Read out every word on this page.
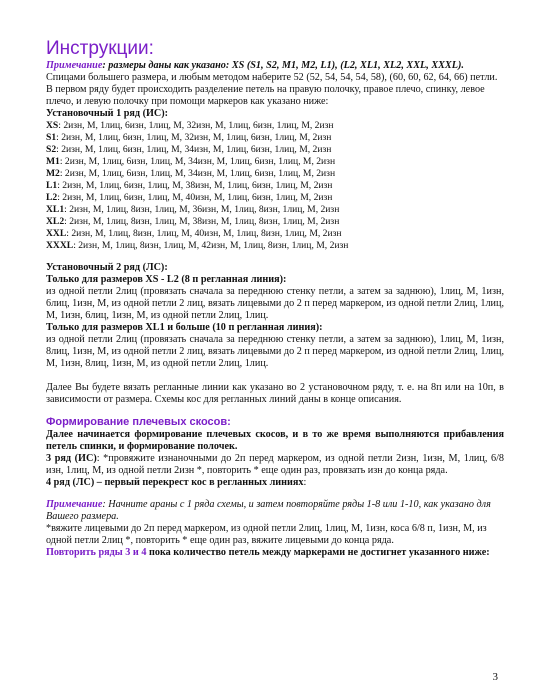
Инструкции:

Примечание: размеры даны как указано: XS (S1, S2, M1, M2, L1), (L2, XL1, XL2, XXL, XXXL).

Спицами большего размера, и любым методом наберите 52 (52, 54, 54, 54, 58), (60, 60, 62, 64, 66) петли.

В первом ряду будет происходить разделение петель на правую полочку, правое плечо, спинку, левое плечо, и левую полочку при помощи маркеров как указано ниже:

Установочный 1 ряд (ИС):

XS: 2изн, М, 1лиц, 6изн, 1лиц, М, 32изн, М, 1лиц, 6изн, 1лиц, М, 2изн
S1: 2изн, М, 1лиц, 6изн, 1лиц, М, 32изн, М, 1лиц, 6изн, 1лиц, М, 2изн
S2: 2изн, М, 1лиц, 6изн, 1лиц, М, 34изн, М, 1лиц, 6изн, 1лиц, М, 2изн
M1: 2изн, М, 1лиц, 6изн, 1лиц, М, 34изн, М, 1лиц, 6изн, 1лиц, М, 2изн
M2: 2изн, М, 1лиц, 6изн, 1лиц, М, 34изн, М, 1лиц, 6изн, 1лиц, М, 2изн
L1: 2изн, М, 1лиц, 6изн, 1лиц, М, 38изн, М, 1лиц, 6изн, 1лиц, М, 2изн
L2: 2изн, М, 1лиц, 6изн, 1лиц, М, 40изн, М, 1лиц, 6изн, 1лиц, М, 2изн
XL1: 2изн, М, 1лиц, 8изн, 1лиц, М, 36изн, М, 1лиц, 8изн, 1лиц, М, 2изн
XL2: 2изн, М, 1лиц, 8изн, 1лиц, М, 38изн, М, 1лиц, 8изн, 1лиц, М, 2изн
XXL: 2изн, М, 1лиц, 8изн, 1лиц, М, 40изн, М, 1лиц, 8изн, 1лиц, М, 2изн
XXXL: 2изн, М, 1лиц, 8изн, 1лиц, М, 42изн, М, 1лиц, 8изн, 1лиц, М, 2изн

Установочный 2 ряд (ЛС):

Только для размеров XS - L2 (8 п регланная линия):

из одной петли 2лиц (провязать сначала за переднюю стенку петли, а затем за заднюю), 1лиц, М, 1изн, 6лиц, 1изн, М, из одной петли 2 лиц, вязать лицевыми до 2 п перед маркером, из одной петли 2лиц, 1лиц, М, 1изн, 6лиц, 1изн, М, из одной петли 2лиц, 1лиц.

Только для размеров XL1 и больше (10 п регланная линия):

из одной петли 2лиц (провязать сначала за переднюю стенку петли, а затем за заднюю), 1лиц, М, 1изн, 8лиц, 1изн, М, из одной петли 2 лиц, вязать лицевыми до 2 п перед маркером, из одной петли 2лиц, 1лиц, М, 1изн, 8лиц, 1изн, М, из одной петли 2лиц, 1лиц.

Далее Вы будете вязать регланные линии как указано во 2 установочном ряду, т. е. на 8п или на 10п, в зависимости от размера. Схемы кос для регланных линий даны в конце описания.

Формирование плечевых скосов:

Далее начинается формирование плечевых скосов, и в то же время выполняются прибавления петель спинки, и формирование полочек.

3 ряд (ИС): *провяжите изнаночными до 2п перед маркером, из одной петли 2изн, 1изн, М, 1лиц, 6/8 изн, 1лиц, М, из одной петли 2изн *, повторить * еще один раз, провязать изн до конца ряда.

4 ряд (ЛС) – первый перекрест кос в регланных линиях:

Примечание: Начните араны с 1 ряда схемы, и затем повторяйте ряды 1-8 или 1-10, как указано для Вашего размера.

*вяжите лицевыми до 2п перед маркером, из одной петли 2лиц, 1лиц, М, 1изн, коса 6/8 п, 1изн, М, из одной петли 2лиц *, повторить * еще один раз, вяжите лицевыми до конца ряда.

Повторить ряды 3 и 4 пока количество петель между маркерами не достигнет указанного ниже:

3
